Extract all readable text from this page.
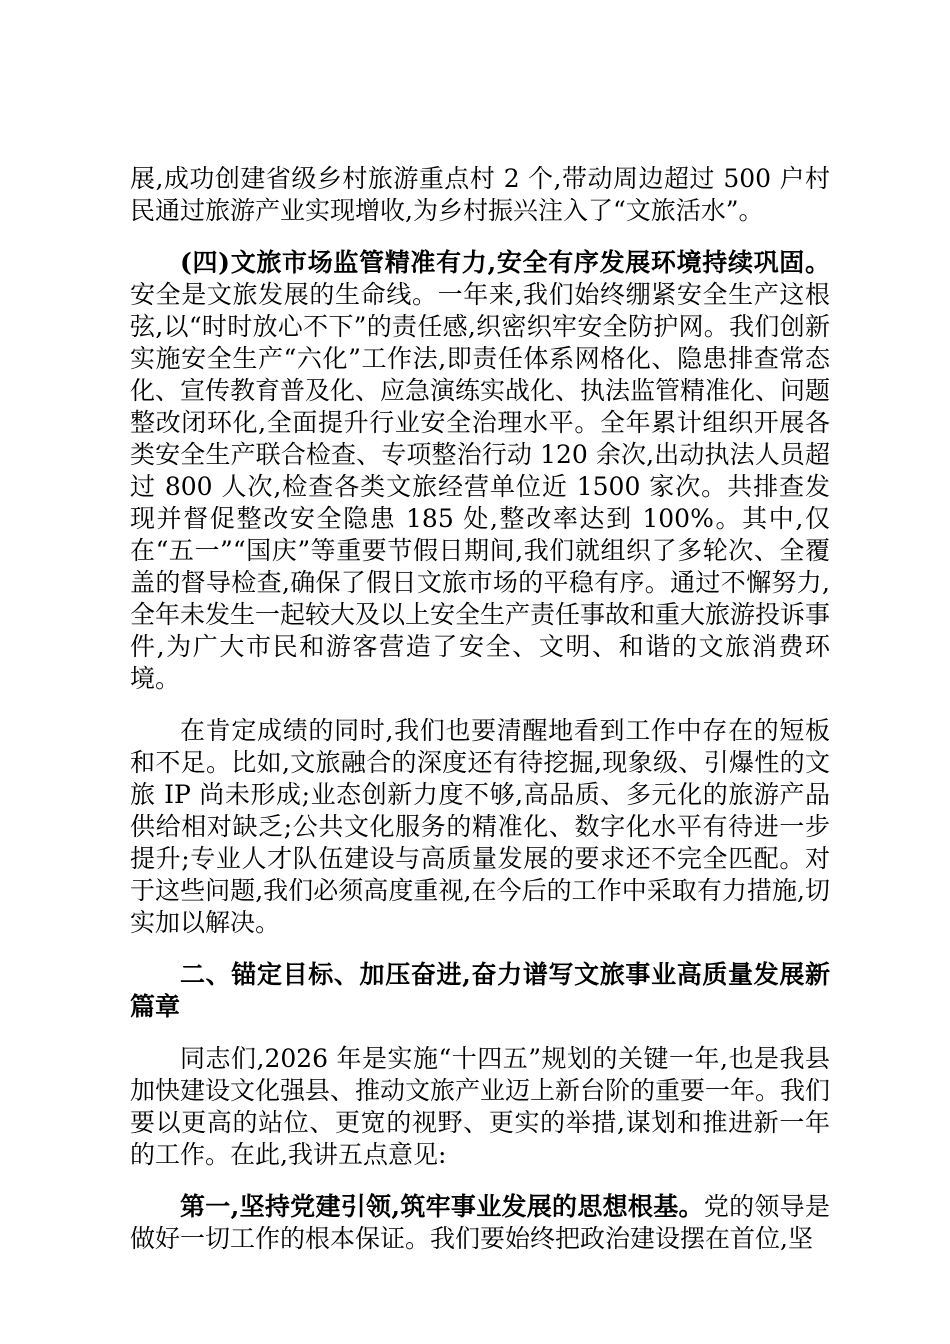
展,成功创建省级乡村旅游重点村 2 个,带动周边超过 500 户村民通过旅游产业实现增收,为乡村振兴注入了“文旅活水”。

(四)文旅市场监管精准有力,安全有序发展环境持续巩固。安全是文旅发展的生命线。一年来,我们始终绷紧安全生产这根弦,以“时时放心不下”的责任感,织密织牢安全防护网。我们创新实施安全生产“六化”工作法,即责任体系网格化、隐患排查常态化、宣传教育普及化、应急演练实战化、执法监管精准化、问题整改闭环化,全面提升行业安全治理水平。全年累计组织开展各类安全生产联合检查、专项整治行动 120 余次,出动执法人员超过 800 人次,检查各类文旅经营单位近 1500 家次。共排查发现并督促整改安全隐患 185 处,整改率达到 100%。其中,仅在“五一”“国庆”等重要节假日期间,我们就组织了多轮次、全覆盖的督导检查,确保了假日文旅市场的平稳有序。通过不懈努力,全年未发生一起较大及以上安全生产责任事故和重大旅游投诉事件,为广大市民和游客营造了安全、文明、和谐的文旅消费环境。

在肯定成绩的同时,我们也要清醒地看到工作中存在的短板和不足。比如,文旅融合的深度还有待挖掘,现象级、引爆性的文旅 IP 尚未形成;业态创新力度不够,高品质、多元化的旅游产品供给相对缺乏;公共文化服务的精准化、数字化水平有待进一步提升;专业人才队伍建设与高质量发展的要求还不完全匹配。对于这些问题,我们必须高度重视,在今后的工作中采取有力措施,切实加以解决。

二、锚定目标、加压奋进,奋力谱写文旅事业高质量发展新篇章

同志们,2026 年是实施“十四五”规划的关键一年,也是我县加快建设文化强县、推动文旅产业迈上新台阶的重要一年。我们要以更高的站位、更宽的视野、更实的举措,谋划和推进新一年的工作。在此,我讲五点意见:

第一,坚持党建引领,筑牢事业发展的思想根基。党的领导是做好一切工作的根本保证。我们要始终把政治建设摆在首位,坚
